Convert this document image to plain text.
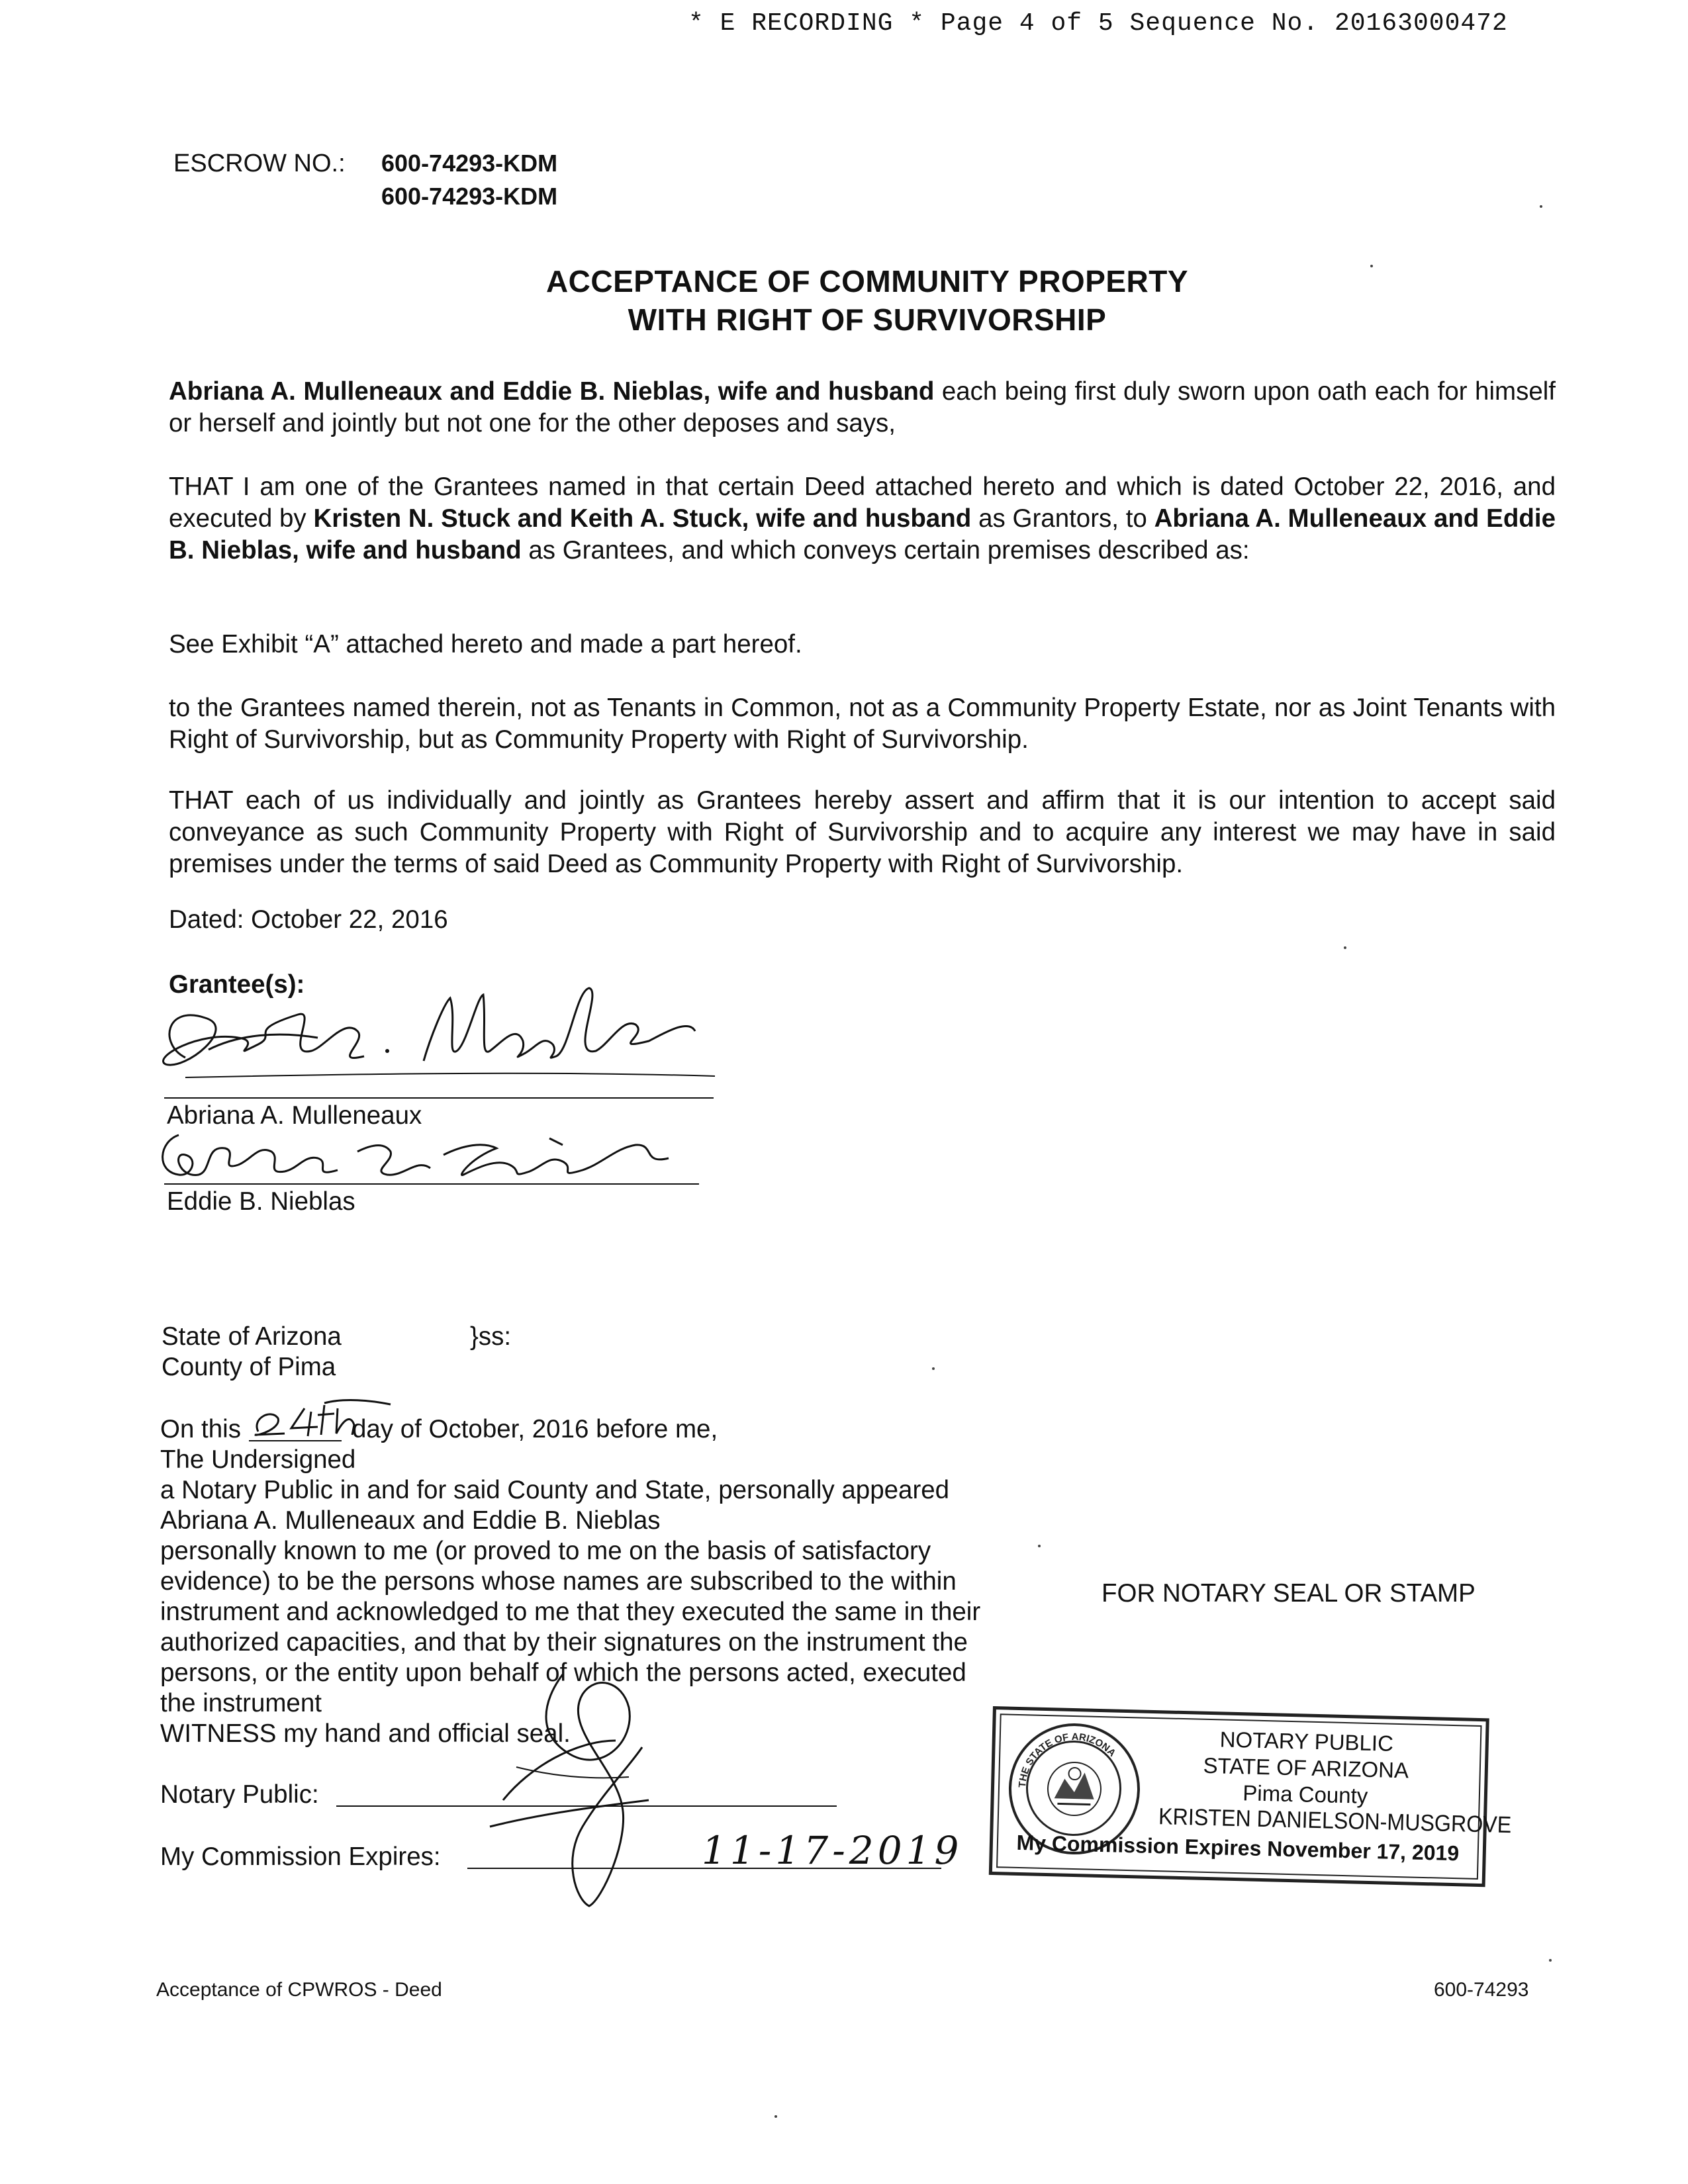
* E RECORDING * Page 4 of 5 Sequence No. 20163000472
ESCROW NO.: 600-74293-KDM
600-74293-KDM
ACCEPTANCE OF COMMUNITY PROPERTY
WITH RIGHT OF SURVIVORSHIP
Abriana A. Mulleneaux and Eddie B. Nieblas, wife and husband each being first duly sworn upon oath each for himself or herself and jointly but not one for the other deposes and says,
THAT I am one of the Grantees named in that certain Deed attached hereto and which is dated October 22, 2016, and executed by Kristen N. Stuck and Keith A. Stuck, wife and husband as Grantors, to Abriana A. Mulleneaux and Eddie B. Nieblas, wife and husband as Grantees, and which conveys certain premises described as:
See Exhibit “A” attached hereto and made a part hereof.
to the Grantees named therein, not as Tenants in Common, not as a Community Property Estate, nor as Joint Tenants with Right of Survivorship, but as Community Property with Right of Survivorship.
THAT each of us individually and jointly as Grantees hereby assert and affirm that it is our intention to accept said conveyance as such Community Property with Right of Survivorship and to acquire any interest we may have in said premises under the terms of said Deed as Community Property with Right of Survivorship.
Dated: October 22, 2016
Grantee(s):
Abriana A. Mulleneaux
Eddie B. Nieblas
State of Arizona	}ss:
County of Pima
On this	day of October, 2016 before me,
The Undersigned
a Notary Public in and for said County and State, personally appeared
Abriana A. Mulleneaux and Eddie B. Nieblas
personally known to me (or proved to me on the basis of satisfactory
evidence) to be the persons whose names are subscribed to the within
instrument and acknowledged to me that they executed the same in their
authorized capacities, and that by their signatures on the instrument the
persons, or the entity upon behalf of which the persons acted, executed
the instrument
WITNESS my hand and official seal.
Notary Public:
My Commission Expires:	11-17-2019
FOR NOTARY SEAL OR STAMP
THE STATE OF ARIZONA	NOTARY PUBLIC
STATE OF ARIZONA
Pima County
KRISTEN DANIELSON-MUSGROVE
My Commission Expires November 17, 2019
Acceptance of CPWROS - Deed	600-74293
